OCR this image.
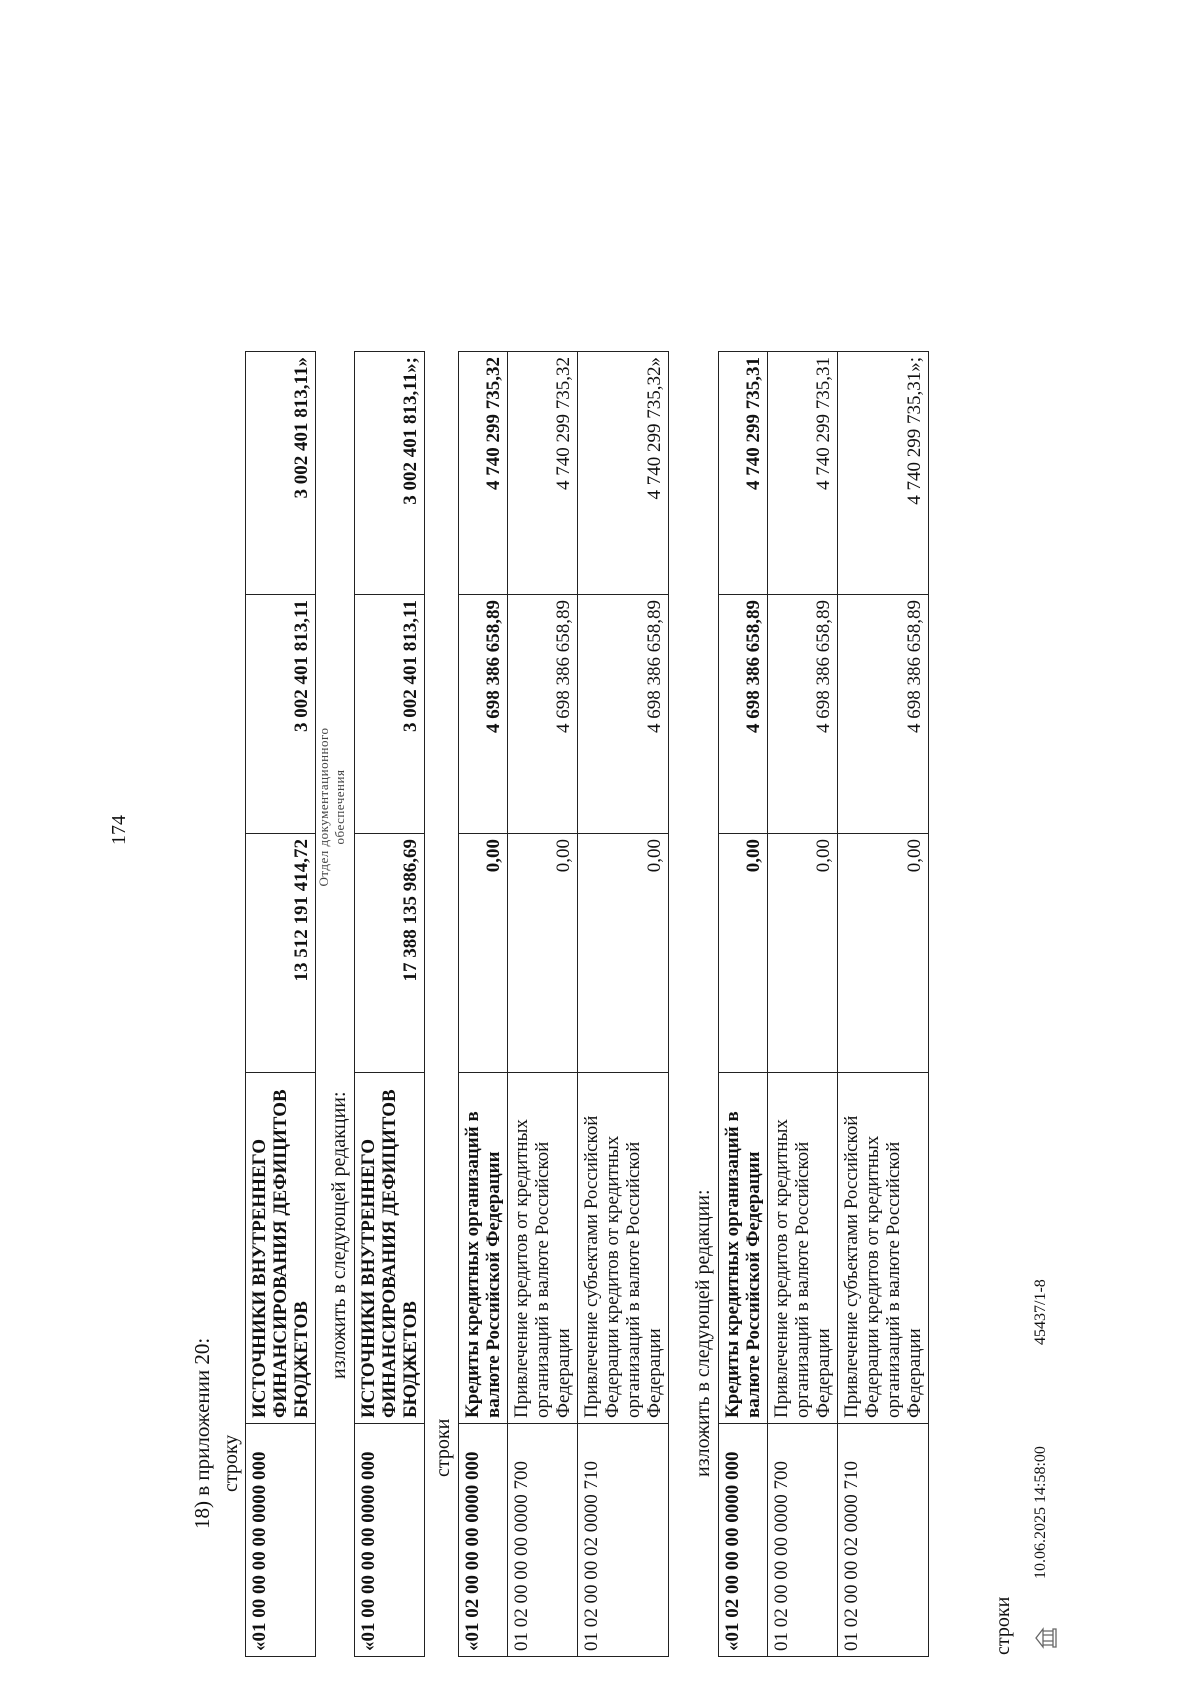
174
18) в приложении 20: строку «01 00 00 00 00 0000 000	ИСТОЧНИКИ ВНУТРЕННЕГО ФИНАНСИРОВАНИЯ ДЕФИЦИТОВ БЮДЖЕТОВ	13 512 191 414,72	3 002 401 813,11	3 002 401 813,11»
изложить в следующей редакции:
«01 00 00 00 00 0000 000	ИСТОЧНИКИ ВНУТРЕННЕГО ФИНАНСИРОВАНИЯ ДЕФИЦИТОВ БЮДЖЕТОВ	17 388 135 986,69	3 002 401 813,11	3 002 401 813,11»;
строки
«01 02 00 00 00 0000 000	Кредиты кредитных организаций в валюте Российской Федерации	0,00	4 698 386 658,89	4 740 299 735,32
01 02 00 00 00 0000 700	Привлечение кредитов от кредитных организаций в валюте Российской Федерации	0,00	4 698 386 658,89	4 740 299 735,32
01 02 00 00 02 0000 710	Привлечение субъектами Российской Федерации кредитов от кредитных организаций в валюте Российской Федерации	0,00	4 698 386 658,89	4 740 299 735,32»
изложить в следующей редакции:
«01 02 00 00 00 0000 000	Кредиты кредитных организаций в валюте Российской Федерации	0,00	4 698 386 658,89	4 740 299 735,31
01 02 00 00 00 0000 700	Привлечение кредитов от кредитных организаций в валюте Российской Федерации	0,00	4 698 386 658,89	4 740 299 735,31
01 02 00 00 02 0000 710	Привлечение субъектами Российской Федерации кредитов от кредитных организаций в валюте Российской Федерации	0,00	4 698 386 658,89	4 740 299 735,31»;
строки
10.06.2025 14:58:00
45437/1-8
Отдел документационного обеспечения
